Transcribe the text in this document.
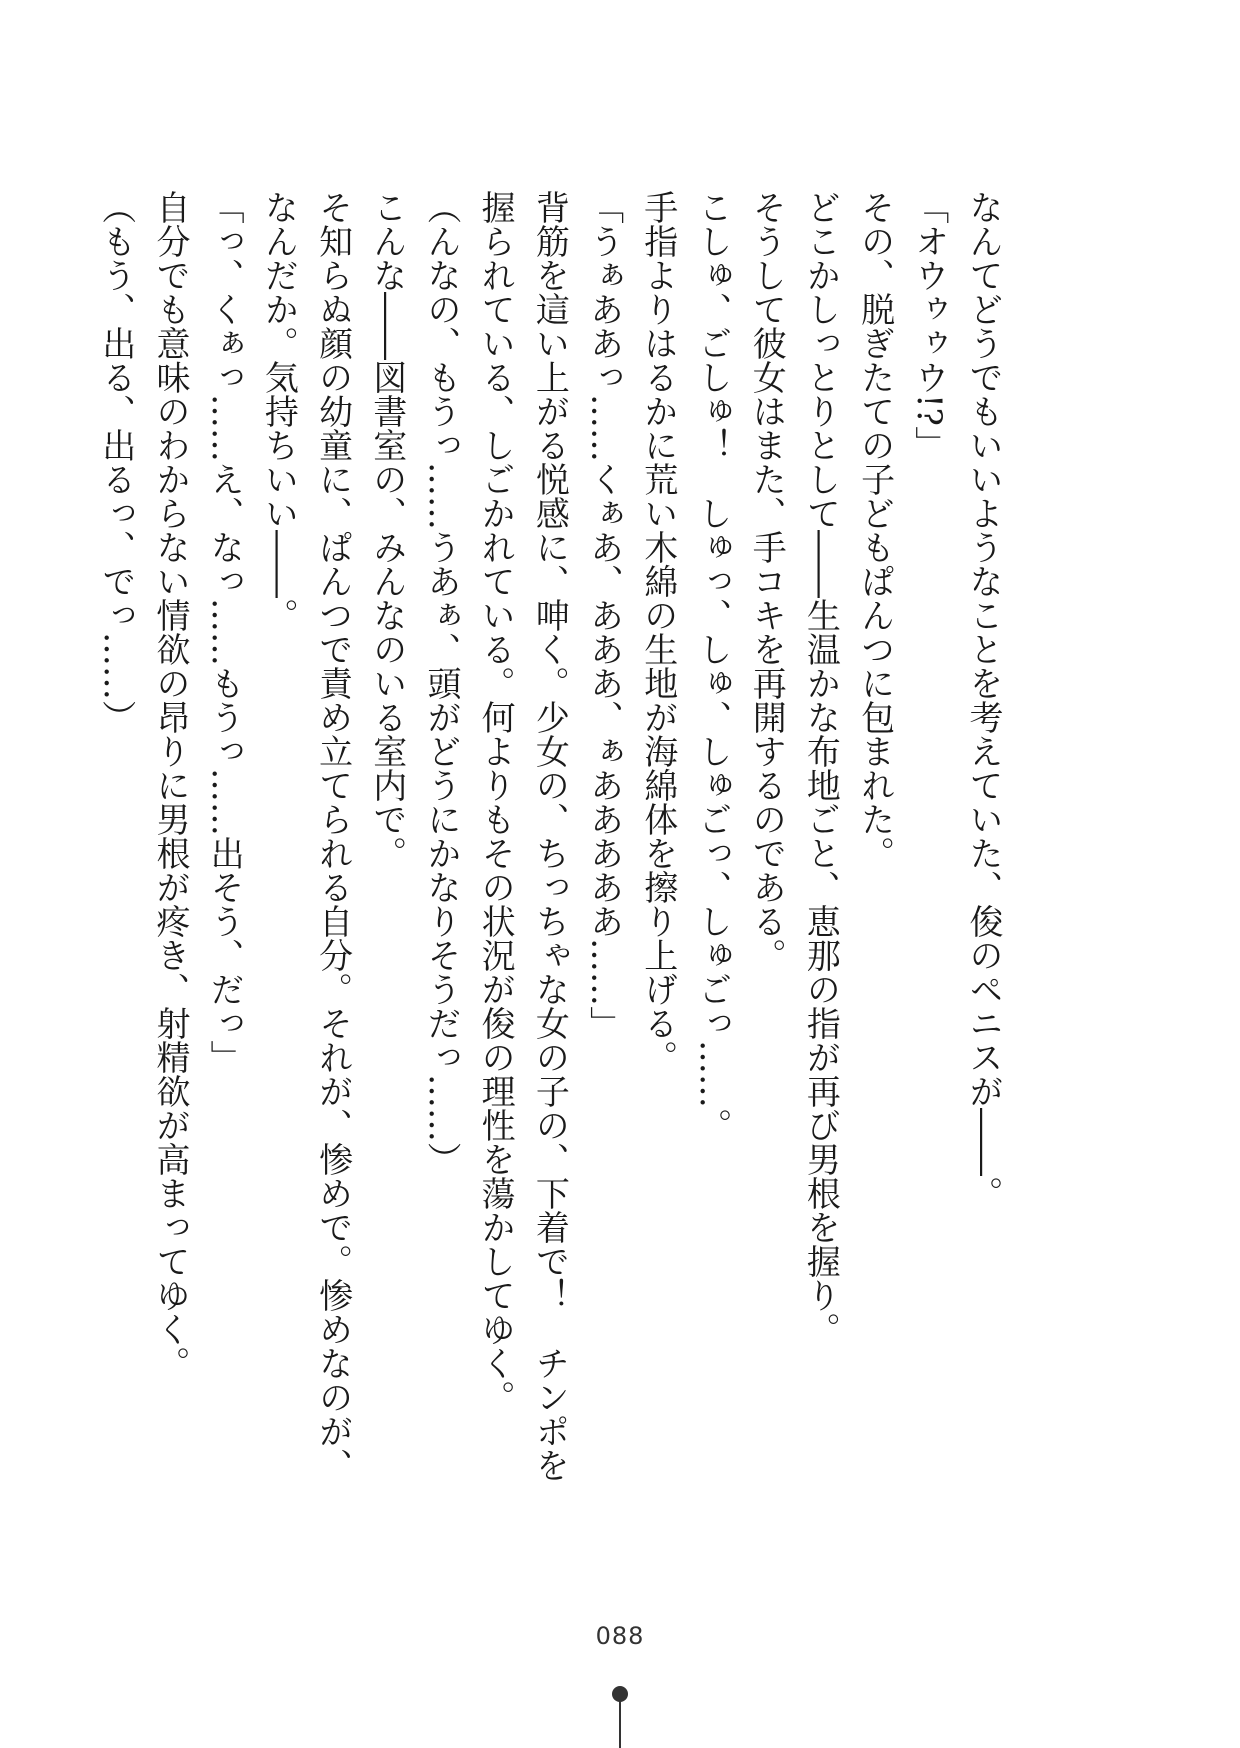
なんてどうでもいいようなことを考えていた、俊のペニスが――。

「オウゥゥウ!?」

その、脱ぎたての子どもぱんつに包まれた。

どこかしっとりとして――生温かな布地ごと、恵那の指が再び男根を握り。

そうして彼女はまた、手コキを再開するのである。

こしゅ、ごしゅ！　しゅっ、しゅ、しゅごっ、しゅごっ……。

手指よりはるかに荒い木綿の生地が海綿体を擦り上げる。

「うぁああっ……くぁあ、あああ、ぁあああああ……」

背筋を這い上がる悦感に、呻く。少女の、ちっちゃな女の子の、下着で！　チンポを握られている、しごかれている。何よりもその状況が俊の理性を蕩かしてゆく。

（んなの、もうっ……うあぁ、頭がどうにかなりそうだっ……）

こんな――図書室の、みんなのいる室内で。

そ知らぬ顔の幼童に、ぱんつで責め立てられる自分。それが、惨めで。惨めなのが、なんだか。気持ちいい――。

「っ、くぁっ……え、なっ……もうっ……出そう、だっ」

自分でも意味のわからない情欲の昂りに男根が疼き、射精欲が高まってゆく。

（もう、出る、出るっ、でっ……）

088
